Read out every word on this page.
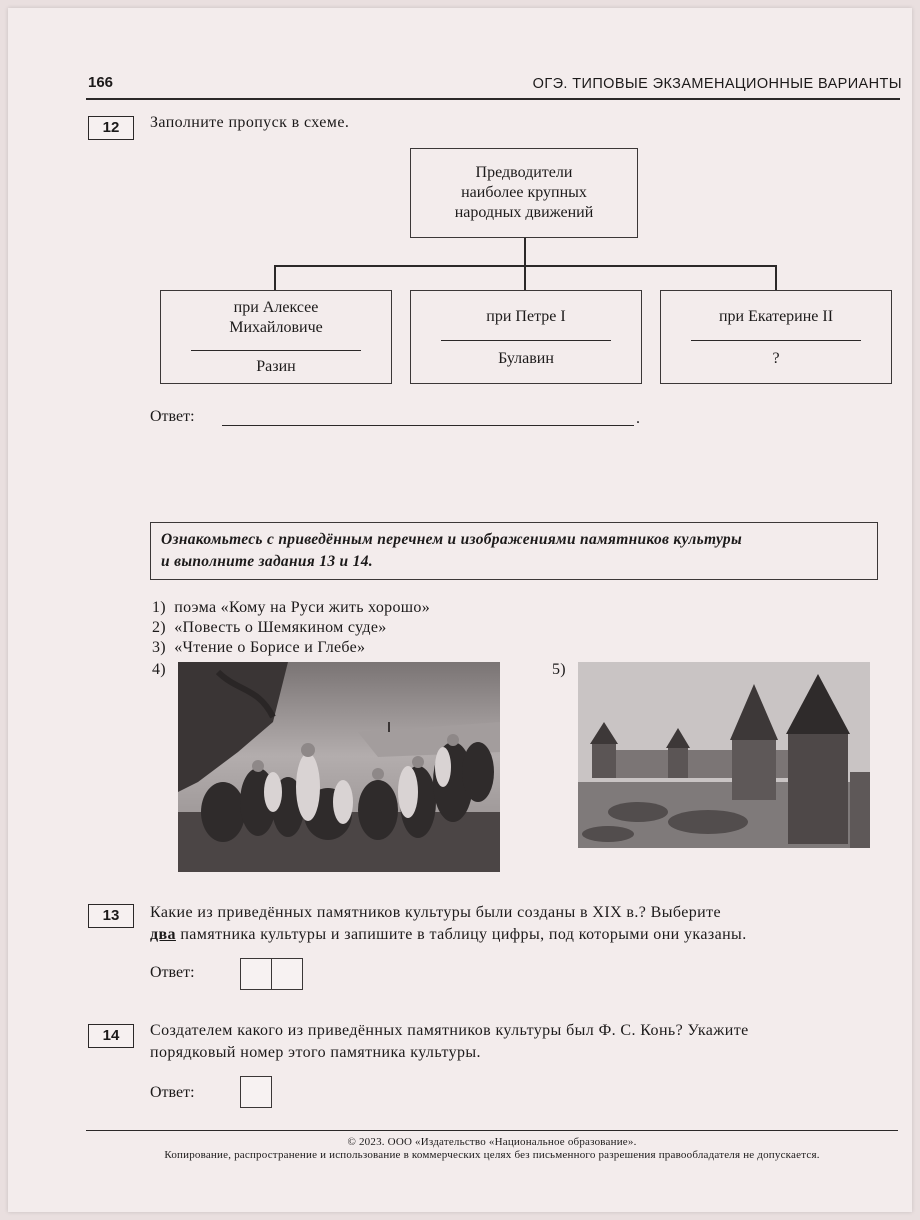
166	ОГЭ. ТИПОВЫЕ ЭКЗАМЕНАЦИОННЫЕ ВАРИАНТЫ
12	Заполните пропуск в схеме.
Предводители
наиболее крупных
народных движений
при Алексее
Михайловиче
Разин
при Петре I
Булавин
при Екатерине II
?
Ответ:	.
Ознакомьтесь с приведённым перечнем и изображениями памятников культуры
и выполните задания 13 и 14.
1) поэма «Кому на Руси жить хорошо»
2) «Повесть о Шемякином суде»
3) «Чтение о Борисе и Глебе»
4)	5)
13	Какие из приведённых памятников культуры были созданы в XIX в.? Выберите
два памятника культуры и запишите в таблицу цифры, под которыми они указаны.
Ответ:
14	Создателем какого из приведённых памятников культуры был Ф. С. Конь? Укажите
порядковый номер этого памятника культуры.
Ответ:
© 2023. ООО «Издательство «Национальное образование».
Копирование, распространение и использование в коммерческих целях без письменного разрешения правообладателя не допускается.
